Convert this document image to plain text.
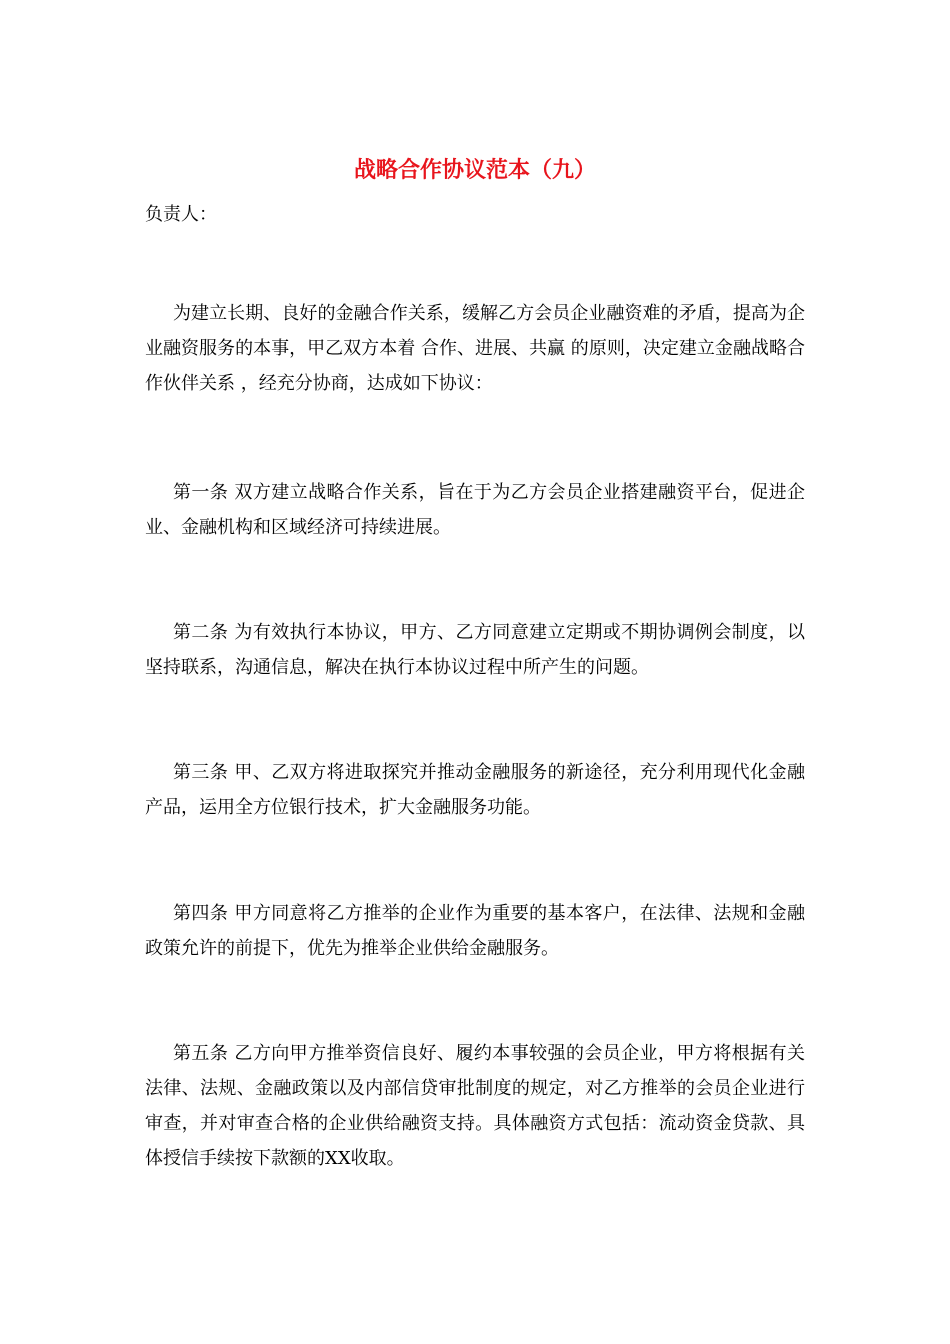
战略合作协议范本（九）

负责人：

为建立长期、良好的金融合作关系，缓解乙方会员企业融资难的矛盾，提高为企业融资服务的本事，甲乙双方本着 合作、进展、共赢 的原则，决定建立金融战略合作伙伴关系 ，经充分协商，达成如下协议：

第一条 双方建立战略合作关系，旨在于为乙方会员企业搭建融资平台，促进企业、金融机构和区域经济可持续进展。

第二条 为有效执行本协议，甲方、乙方同意建立定期或不期协调例会制度，以坚持联系，沟通信息，解决在执行本协议过程中所产生的问题。

第三条 甲、乙双方将进取探究并推动金融服务的新途径，充分利用现代化金融产品，运用全方位银行技术，扩大金融服务功能。

第四条 甲方同意将乙方推举的企业作为重要的基本客户，在法律、法规和金融政策允许的前提下，优先为推举企业供给金融服务。

第五条 乙方向甲方推举资信良好、履约本事较强的会员企业，甲方将根据有关法律、法规、金融政策以及内部信贷审批制度的规定，对乙方推举的会员企业进行审查，并对审查合格的企业供给融资支持。具体融资方式包括：流动资金贷款、具体授信手续按下款额的XX收取。
